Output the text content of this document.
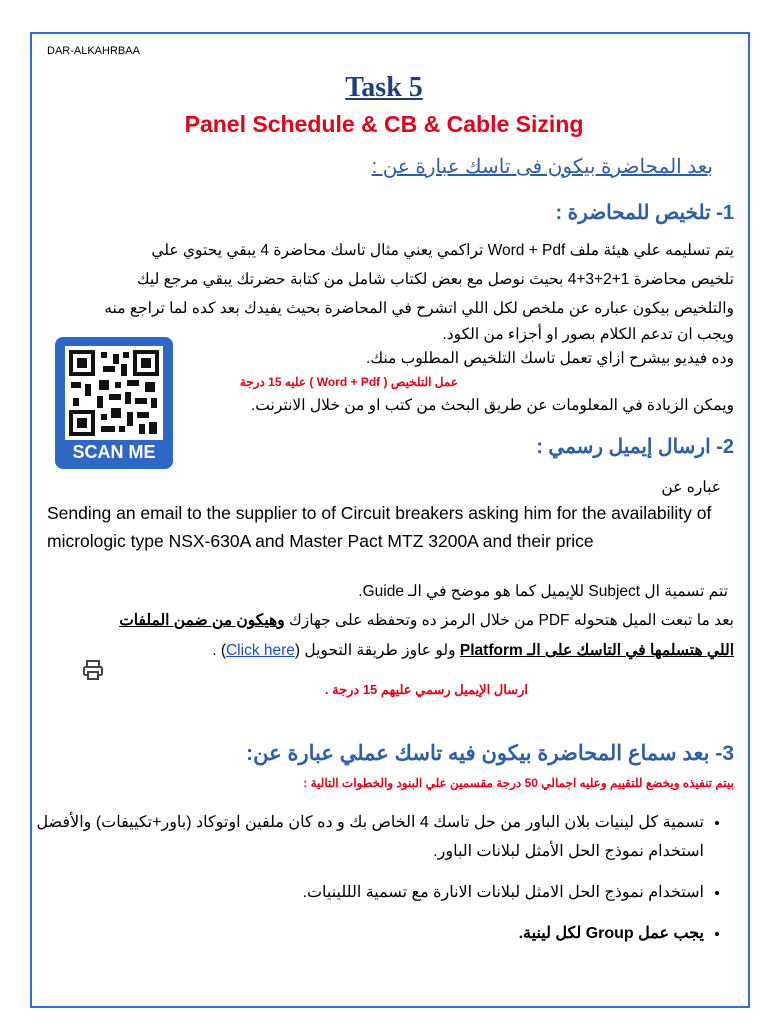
DAR-ALKAHRBAA
Task 5
Panel Schedule & CB & Cable Sizing
بعد المحاضرة بيكون فى تاسك عبارة عن :
1- تلخيص للمحاضرة :
يتم تسليمه علي هيئة ملف Word + Pdf تراكمي يعني مثال تاسك محاضرة 4 يبقي يحتوي علي
تلخيص محاضرة 1+2+3+4 بحيث نوصل مع بعض لكتاب شامل من كتابة حضرتك يبقي مرجع ليك
والتلخيص بيكون عباره عن ملخص لكل اللي اتشرح في المحاضرة بحيث يفيدك بعد كده لما تراجع منه
ويجب ان تدعم الكلام بصور او أجزاء من الكود.
وده فيديو بيشرح ازاي تعمل تاسك التلخيص المطلوب منك.
عمل التلخيص ( Word + Pdf ) عليه 15 درجة
ويمكن الزيادة في المعلومات عن طريق البحث من كتب او من خلال الانترنت.
SCAN ME	2- ارسال إيميل رسمي :
عباره عن
Sending an email to the supplier to of Circuit breakers asking him for the availability of micrologic type NSX-630A and Master Pact MTZ 3200A and their price
تتم تسمية ال Subject للإيميل كما هو موضح في الـ Guide.
بعد ما تبعت الميل هتحوله PDF من خلال الرمز ده وتحفظه على جهازك وهيكون من ضمن الملفات
اللي هتسلمها في التاسك على الـ Platform ولو عاوز طريقة التحويل (Click here) .
ارسال الإيميل رسمي عليهم 15 درجة .
3- بعد سماع المحاضرة بيكون فيه تاسك عملي عبارة عن:
بيتم تنفيذه ويخضع للتقييم وعليه اجمالي 50 درجة مقسمين علي البنود والخطوات التالية :
• تسمية كل لينيات بلان الباور من حل تاسك 4 الخاص بك و ده كان ملفين اوتوكاد (باور+تكييفات) والأفضل استخدام نموذج الحل الأمثل لبلانات الباور.
• استخدام نموذج الحل الامثل لبلانات الانارة مع تسمية الللينيات.
• يجب عمل Group لكل لينية.
